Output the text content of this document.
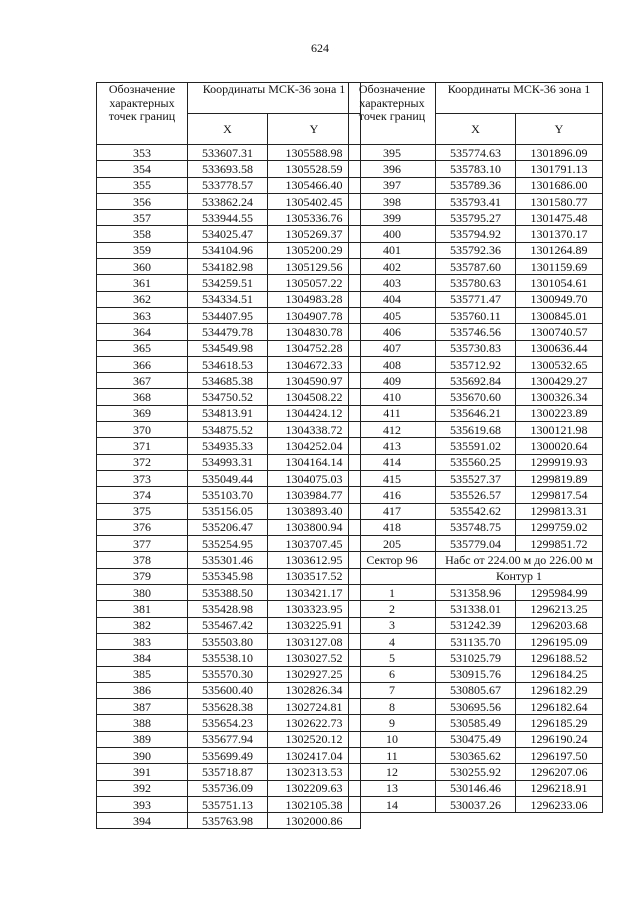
624
Обозначение характерных точек границ	Координаты МСК-36 зона 1	
	X	Y
353	533607.31	1305588.98
354	533693.58	1305528.59
355	533778.57	1305466.40
356	533862.24	1305402.45
357	533944.55	1305336.76
358	534025.47	1305269.37
359	534104.96	1305200.29
360	534182.98	1305129.56
361	534259.51	1305057.22
362	534334.51	1304983.28
363	534407.95	1304907.78
364	534479.78	1304830.78
365	534549.98	1304752.28
366	534618.53	1304672.33
367	534685.38	1304590.97
368	534750.52	1304508.22
369	534813.91	1304424.12
370	534875.52	1304338.72
371	534935.33	1304252.04
372	534993.31	1304164.14
373	535049.44	1304075.03
374	535103.70	1303984.77
375	535156.05	1303893.40
376	535206.47	1303800.94
377	535254.95	1303707.45
378	535301.46	1303612.95
379	535345.98	1303517.52
380	535388.50	1303421.17
381	535428.98	1303323.95
382	535467.42	1303225.91
383	535503.80	1303127.08
384	535538.10	1303027.52
385	535570.30	1302927.25
386	535600.40	1302826.34
387	535628.38	1302724.81
388	535654.23	1302622.73
389	535677.94	1302520.12
390	535699.49	1302417.04
391	535718.87	1302313.53
392	535736.09	1302209.63
393	535751.13	1302105.38
394	535763.98	1302000.86
Обозначение характерных точек границ	Координаты МСК-36 зона 1	
	X	Y
395	535774.63	1301896.09
396	535783.10	1301791.13
397	535789.36	1301686.00
398	535793.41	1301580.77
399	535795.27	1301475.48
400	535794.92	1301370.17
401	535792.36	1301264.89
402	535787.60	1301159.69
403	535780.63	1301054.61
404	535771.47	1300949.70
405	535760.11	1300845.01
406	535746.56	1300740.57
407	535730.83	1300636.44
408	535712.92	1300532.65
409	535692.84	1300429.27
410	535670.60	1300326.34
411	535646.21	1300223.89
412	535619.68	1300121.98
413	535591.02	1300020.64
414	535560.25	1299919.93
415	535527.37	1299819.89
416	535526.57	1299817.54
417	535542.62	1299813.31
418	535748.75	1299759.02
205	535779.04	1299851.72
Сектор 96	Набс от 224.00 м до 226.00 м	

	Контур 1	
1	531358.96	1295984.99
2	531338.01	1296213.25
3	531242.39	1296203.68
4	531135.70	1296195.09
5	531025.79	1296188.52
6	530915.76	1296184.25
7	530805.67	1296182.29
8	530695.56	1296182.64
9	530585.49	1296185.29
10	530475.49	1296190.24
11	530365.62	1296197.50
12	530255.92	1296207.06
13	530146.46	1296218.91
14	530037.26	1296233.06
